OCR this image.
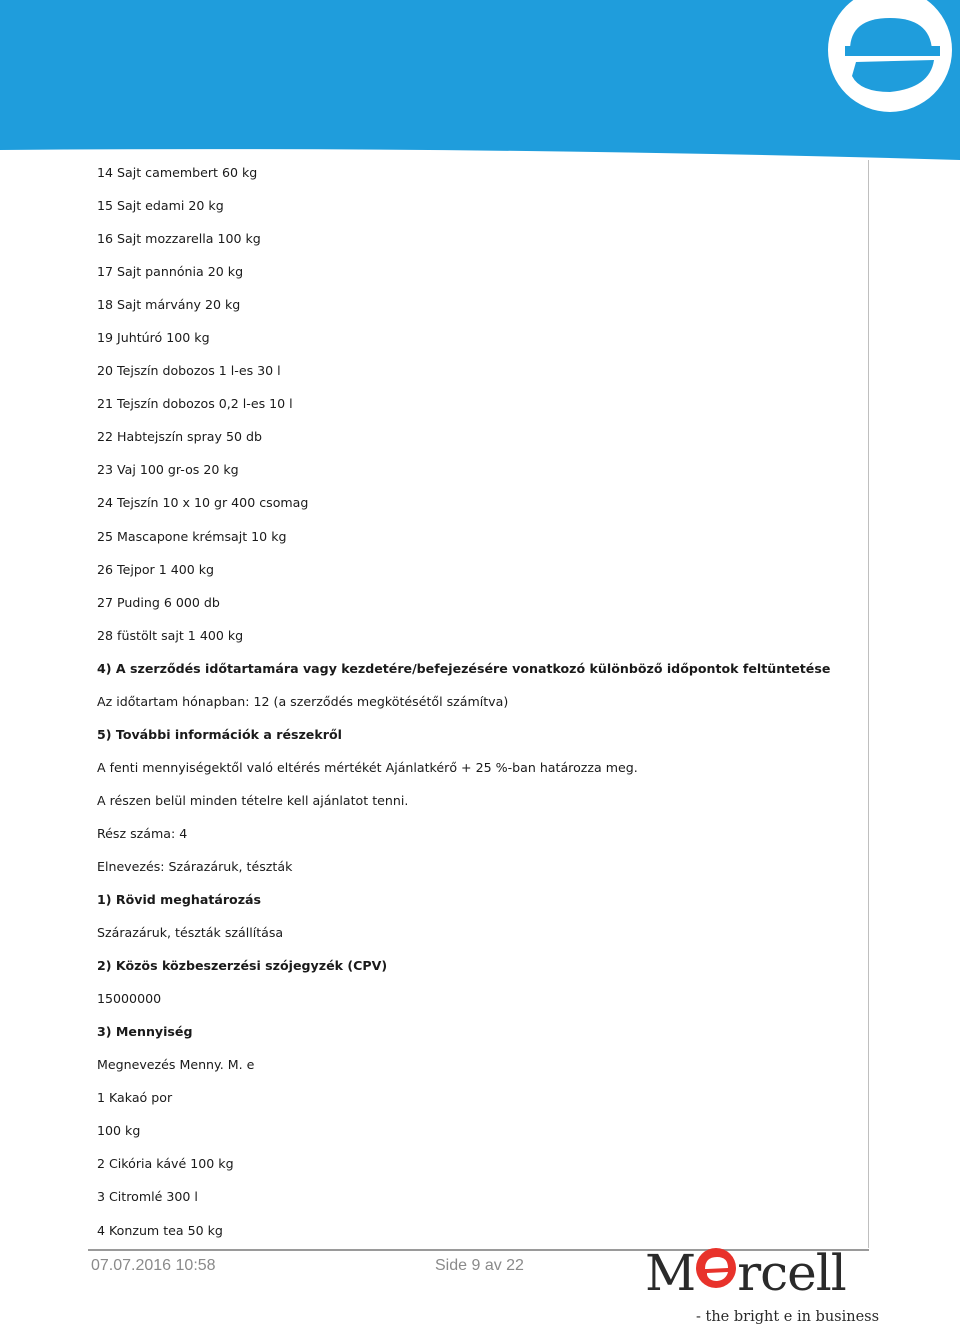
14 Sajt camembert 60 kg
15 Sajt edami 20 kg
16 Sajt mozzarella 100 kg
17 Sajt pannónia 20 kg
18 Sajt márvány 20 kg
19 Juhtúró 100 kg
20 Tejszín dobozos 1 l-es 30 l
21 Tejszín dobozos 0,2 l-es 10 l
22 Habtejszín spray 50 db
23 Vaj 100 gr-os 20 kg
24 Tejszín 10 x 10 gr 400 csomag
25 Mascapone krémsajt 10 kg
26 Tejpor 1 400 kg
27 Puding 6 000 db
28 füstölt sajt 1 400 kg
4) A szerződés időtartamára vagy kezdetére/befejezésére vonatkozó különböző időpontok feltüntetése
Az időtartam hónapban: 12 (a szerződés megkötésétől számítva)
5) További információk a részekről
A fenti mennyiségektől való eltérés mértékét Ajánlatkérő + 25 %-ban határozza meg.
A részen belül minden tételre kell ajánlatot tenni.
Rész száma: 4
Elnevezés: Szárazáruk, tészták
1) Rövid meghatározás
Szárazáruk, tészták szállítása
2) Közös közbeszerzési szójegyzék (CPV)
15000000
3) Mennyiség
Megnevezés Menny. M. e
1 Kakaó por
100 kg
2 Cikória kávé 100 kg
3 Citromlé 300 l
4 Konzum tea 50 kg
07.07.2016 10:58	Side 9 av 22 M rcell
- the bright e in business
